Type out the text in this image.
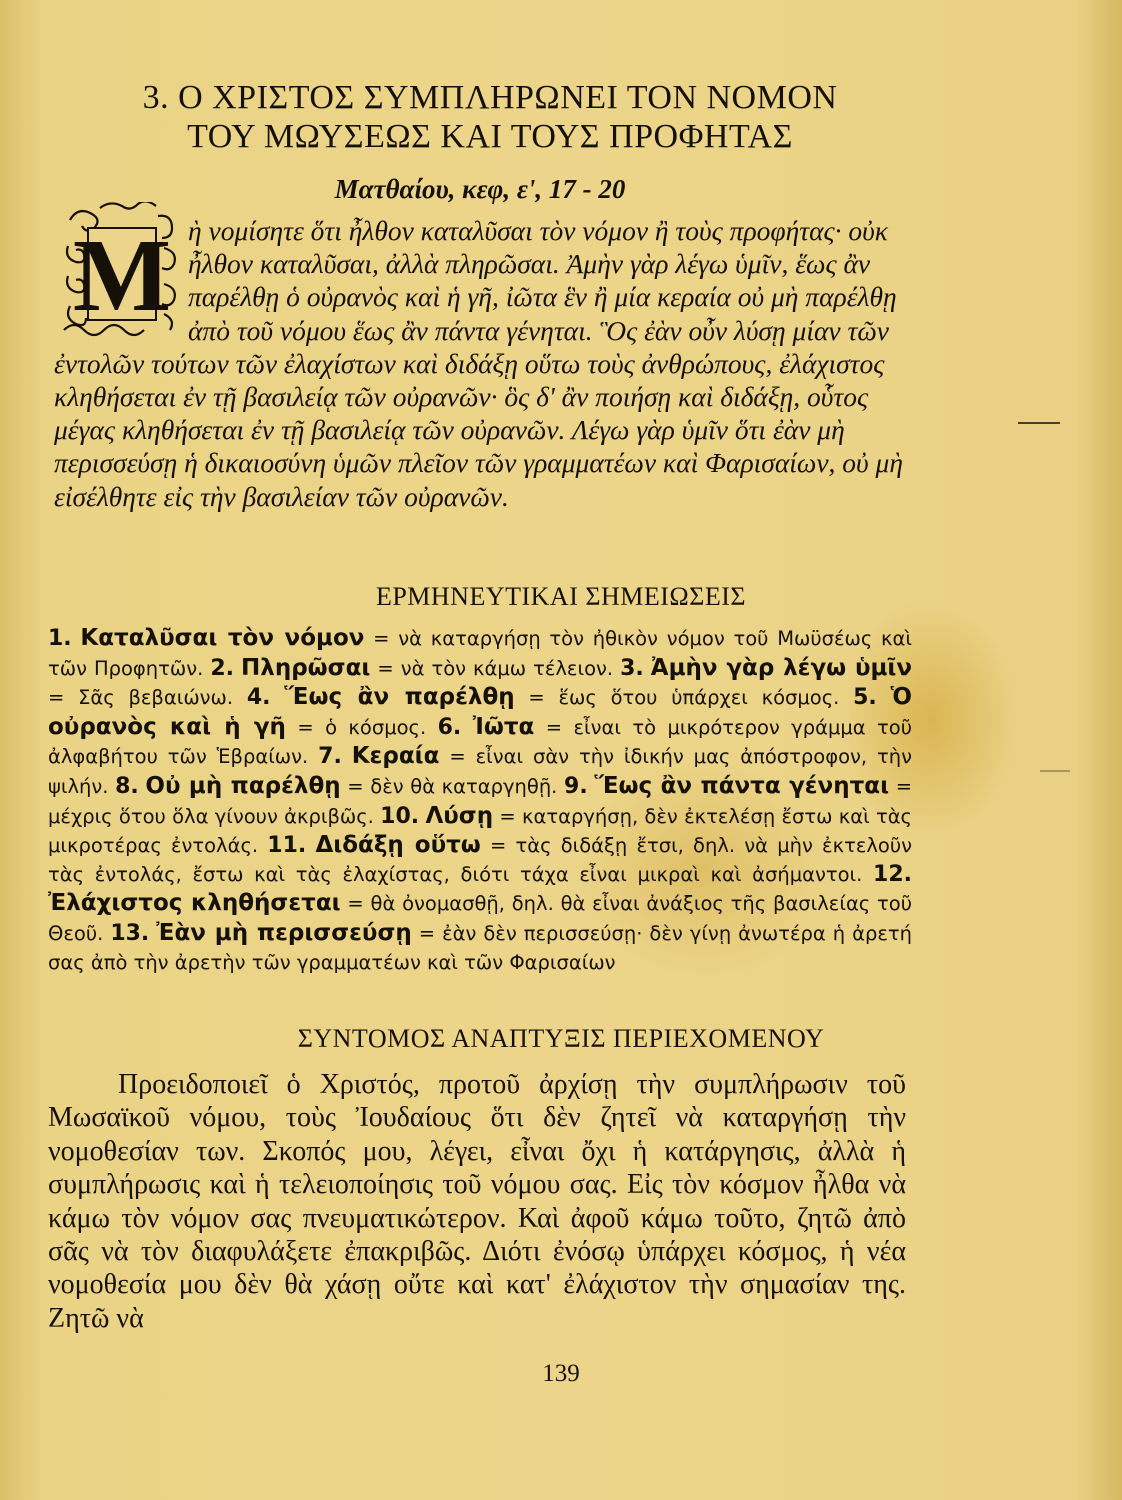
3. Ο ΧΡΙΣΤΟΣ ΣΥΜΠΛΗΡΩΝΕΙ ΤΟΝ ΝΟΜΟΝ
ΤΟΥ ΜΩΥΣΕΩΣ ΚΑΙ ΤΟΥΣ ΠΡΟΦΗΤΑΣ
Ματθαίου, κεφ, ε', 17 - 20
Μ ὴ νομίσητε ὅτι ἦλθον καταλῦσαι τὸν νόμον ἢ τοὺς προφήτας· οὐκ ἦλθον καταλῦσαι, ἀλλὰ πληρῶσαι. Ἀμὴν γὰρ λέγω ὑμῖν, ἕως ἂν παρέλθῃ ὁ οὐρανὸς καὶ ἡ γῆ, ἰῶτα ἓν ἢ μία κεραία οὐ μὴ παρέλθῃ ἀπὸ τοῦ νόμου ἕως ἂν πάντα γένηται. Ὃς ἐὰν οὖν λύσῃ μίαν τῶν ἐντολῶν τούτων τῶν ἐλαχίστων καὶ διδάξῃ οὕτω τοὺς ἀνθρώπους, ἐλάχιστος κληθήσεται ἐν τῇ βασιλείᾳ τῶν οὐρανῶν· ὃς δ' ἂν ποιήσῃ καὶ διδάξῃ, οὗτος μέγας κληθήσεται ἐν τῇ βασιλείᾳ τῶν οὐρανῶν. Λέγω γὰρ ὑμῖν ὅτι ἐὰν μὴ περισσεύσῃ ἡ δικαιοσύνη ὑμῶν πλεῖον τῶν γραμματέων καὶ Φαρισαίων, οὐ μὴ εἰσέλθητε εἰς τὴν βασιλείαν τῶν οὐρανῶν.
ΕΡΜΗΝΕΥΤΙΚΑΙ ΣΗΜΕΙΩΣΕΙΣ
1. Καταλῦσαι τὸν νόμον = νὰ καταργήσῃ τὸν ἠθικὸν νόμον τοῦ Μωϋσέως καὶ τῶν Προφητῶν. 2. Πληρῶσαι = νὰ τὸν κάμω τέλειον. 3. Ἀμὴν γὰρ λέγω ὑμῖν = Σᾶς βεβαιώνω. 4. Ἕως ἂν παρέλθῃ = ἕως ὅτου ὑπάρχει κόσμος. 5. Ὁ οὐρανὸς καὶ ἡ γῆ = ὁ κόσμος. 6. Ἰῶτα = εἶναι τὸ μικρότερον γράμμα τοῦ ἀλφαβήτου τῶν Ἑβραίων. 7. Κεραία = εἶναι σὰν τὴν ἰδικήν μας ἀπόστροφον, τὴν ψιλήν. 8. Οὐ μὴ παρέλθῃ = δὲν θὰ καταργηθῇ. 9. Ἕως ἂν πάντα γένηται = μέχρις ὅτου ὅλα γίνουν ἀκριβῶς. 10. Λύσῃ = καταργήσῃ, δὲν ἐκτελέσῃ ἔστω καὶ τὰς μικροτέρας ἐντολάς. 11. Διδάξῃ οὕτω = τὰς διδάξῃ ἔτσι, δηλ. νὰ μὴν ἐκτελοῦν τὰς ἐντολάς, ἔστω καὶ τὰς ἐλαχίστας, διότι τάχα εἶναι μικραὶ καὶ ἀσήμαντοι. 12. Ἐλάχιστος κληθήσεται = θὰ ὀνομασθῇ, δηλ. θὰ εἶναι ἀνάξιος τῆς βασιλείας τοῦ Θεοῦ. 13. Ἐὰν μὴ περισσεύσῃ = ἐὰν δὲν περισσεύσῃ· δὲν γίνῃ ἀνωτέρα ἡ ἀρετή σας ἀπὸ τὴν ἀρετὴν τῶν γραμματέων καὶ τῶν Φαρισαίων
ΣΥΝΤΟΜΟΣ ΑΝΑΠΤΥΞΙΣ ΠΕΡΙΕΧΟΜΕΝΟΥ
Προειδοποιεῖ ὁ Χριστός, προτοῦ ἀρχίσῃ τὴν συμπλήρωσιν τοῦ Μωσαϊκοῦ νόμου, τοὺς Ἰουδαίους ὅτι δὲν ζητεῖ νὰ καταργήσῃ τὴν νομοθεσίαν των. Σκοπός μου, λέγει, εἶναι ὄχι ἡ κατάργησις, ἀλλὰ ἡ συμπλήρωσις καὶ ἡ τελειοποίησις τοῦ νόμου σας. Εἰς τὸν κόσμον ἦλθα νὰ κάμω τὸν νόμον σας πνευματικώτερον. Καὶ ἀφοῦ κάμω τοῦτο, ζητῶ ἀπὸ σᾶς νὰ τὸν διαφυλάξετε ἐπακριβῶς. Διότι ἐνόσῳ ὑπάρχει κόσμος, ἡ νέα νομοθεσία μου δὲν θὰ χάσῃ οὔτε καὶ κατ' ἐλάχιστον τὴν σημασίαν της. Ζητῶ νὰ
139
